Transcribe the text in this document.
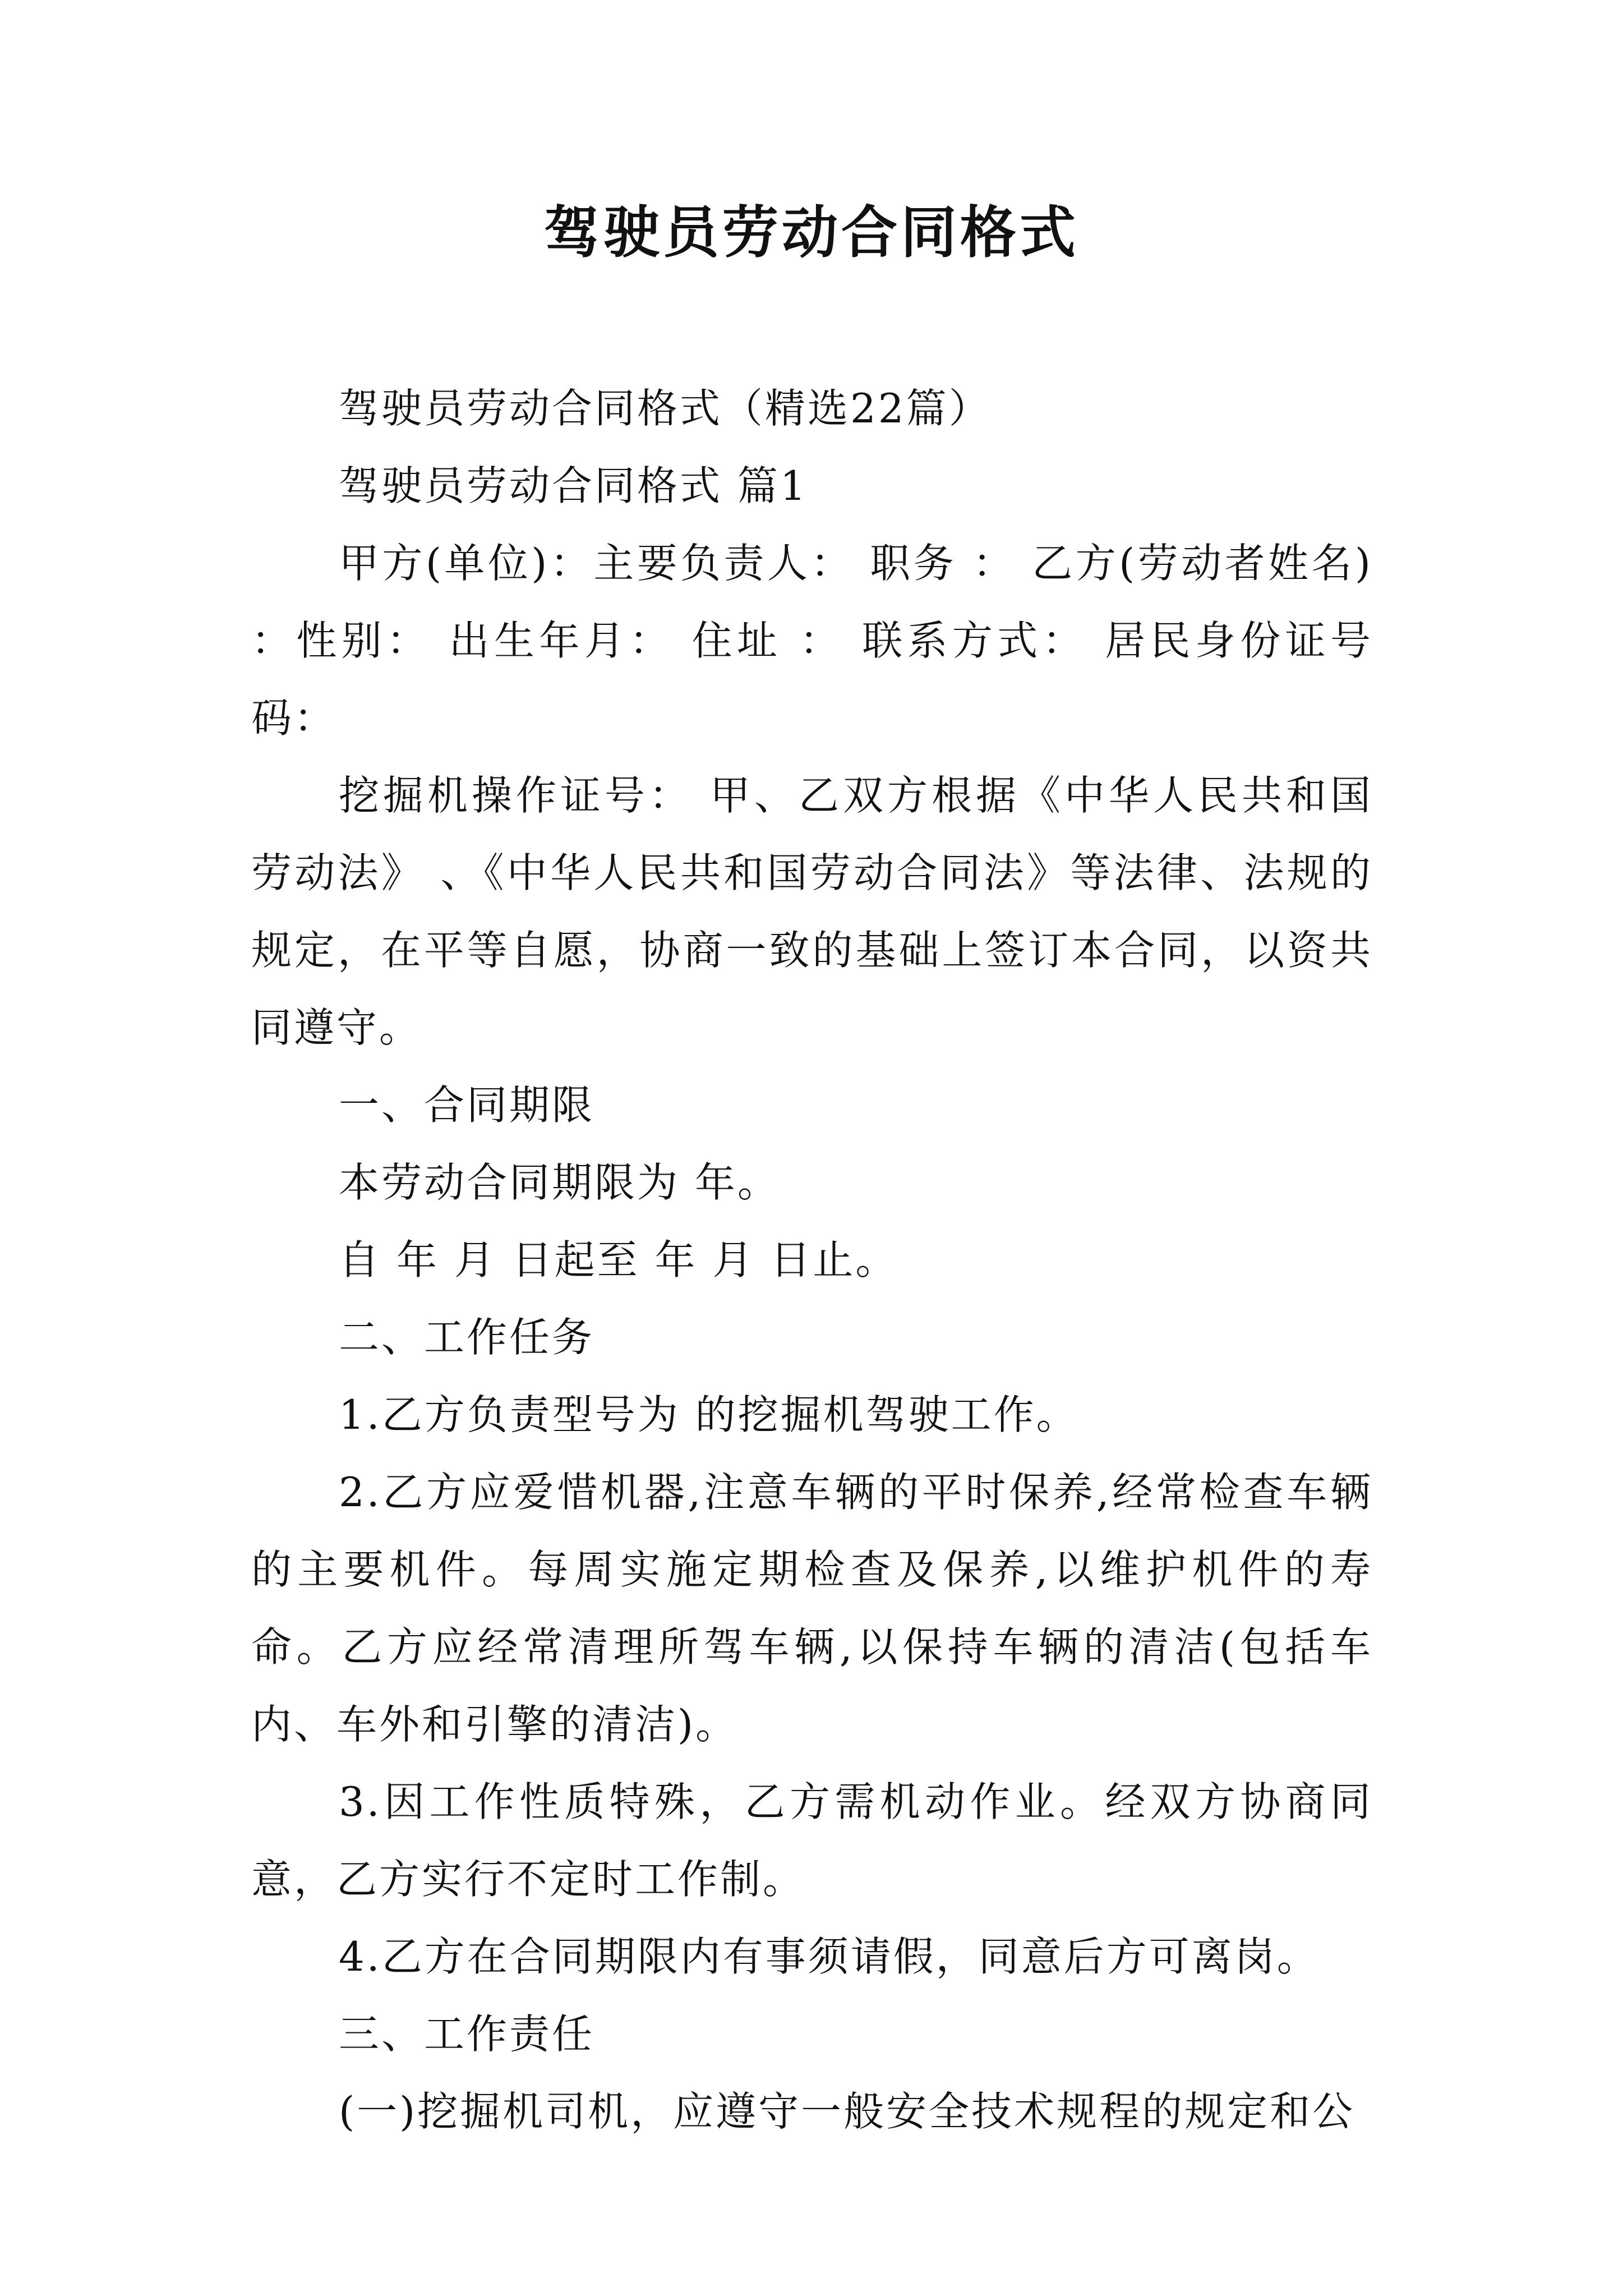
驾驶员劳动合同格式

驾驶员劳动合同格式（精选22篇）

驾驶员劳动合同格式 篇1

甲方(单位)：主要负责人： 职务 ： 乙方(劳动者姓名) ：性别： 出生年月： 住址 ： 联系方式： 居民身份证号码：

挖掘机操作证号： 甲、乙双方根据《中华人民共和国劳动法》 、《中华人民共和国劳动合同法》等法律、法规的规定，在平等自愿，协商一致的基础上签订本合同，以资共同遵守。

一、合同期限

本劳动合同期限为 年。

自 年 月 日起至 年 月 日止。

二、工作任务

1.乙方负责型号为 的挖掘机驾驶工作。

2.乙方应爱惜机器,注意车辆的平时保养,经常检查车辆的主要机件。每周实施定期检查及保养,以维护机件的寿命。乙方应经常清理所驾车辆,以保持车辆的清洁(包括车内、车外和引擎的清洁)。

3.因工作性质特殊，乙方需机动作业。经双方协商同意，乙方实行不定时工作制。

4.乙方在合同期限内有事须请假，同意后方可离岗。

三、工作责任

(一)挖掘机司机，应遵守一般安全技术规程的规定和公
